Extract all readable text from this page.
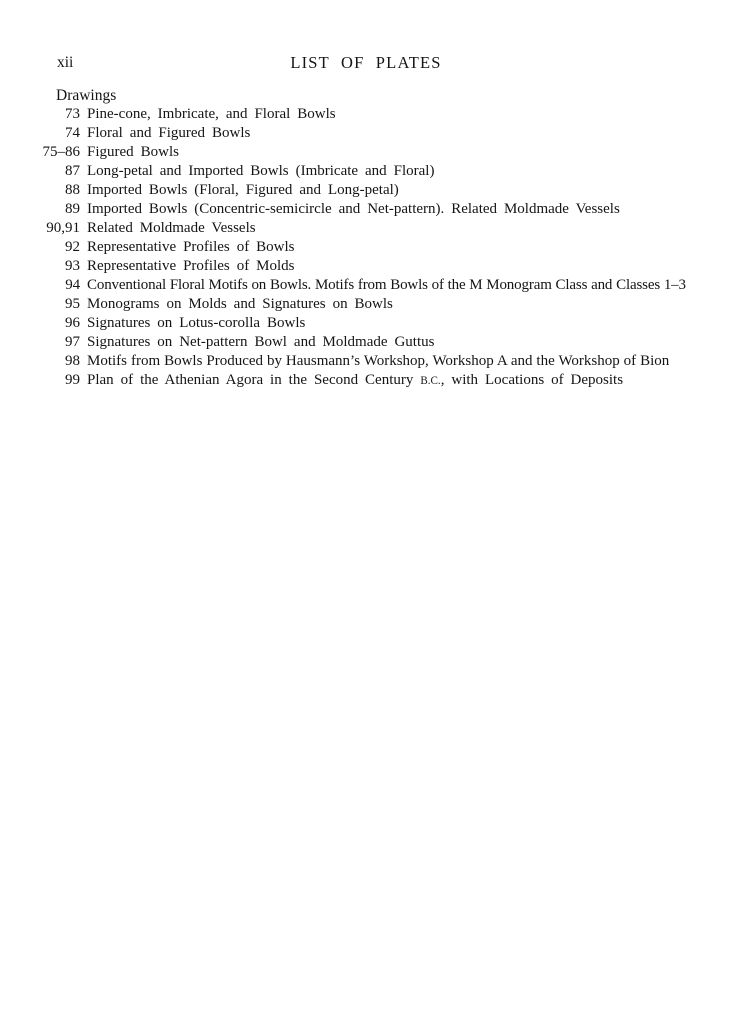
xii	LIST OF PLATES
Drawings
73 Pine-cone, Imbricate, and Floral Bowls
74 Floral and Figured Bowls
75–86 Figured Bowls
87 Long-petal and Imported Bowls (Imbricate and Floral)
88 Imported Bowls (Floral, Figured and Long-petal)
89 Imported Bowls (Concentric-semicircle and Net-pattern). Related Moldmade Vessels
90,91 Related Moldmade Vessels
92 Representative Profiles of Bowls
93 Representative Profiles of Molds
94 Conventional Floral Motifs on Bowls. Motifs from Bowls of the M Monogram Class and Classes 1–3
95 Monograms on Molds and Signatures on Bowls
96 Signatures on Lotus-corolla Bowls
97 Signatures on Net-pattern Bowl and Moldmade Guttus
98 Motifs from Bowls Produced by Hausmann’s Workshop, Workshop A and the Workshop of Bion
99 Plan of the Athenian Agora in the Second Century B.C., with Locations of Deposits
